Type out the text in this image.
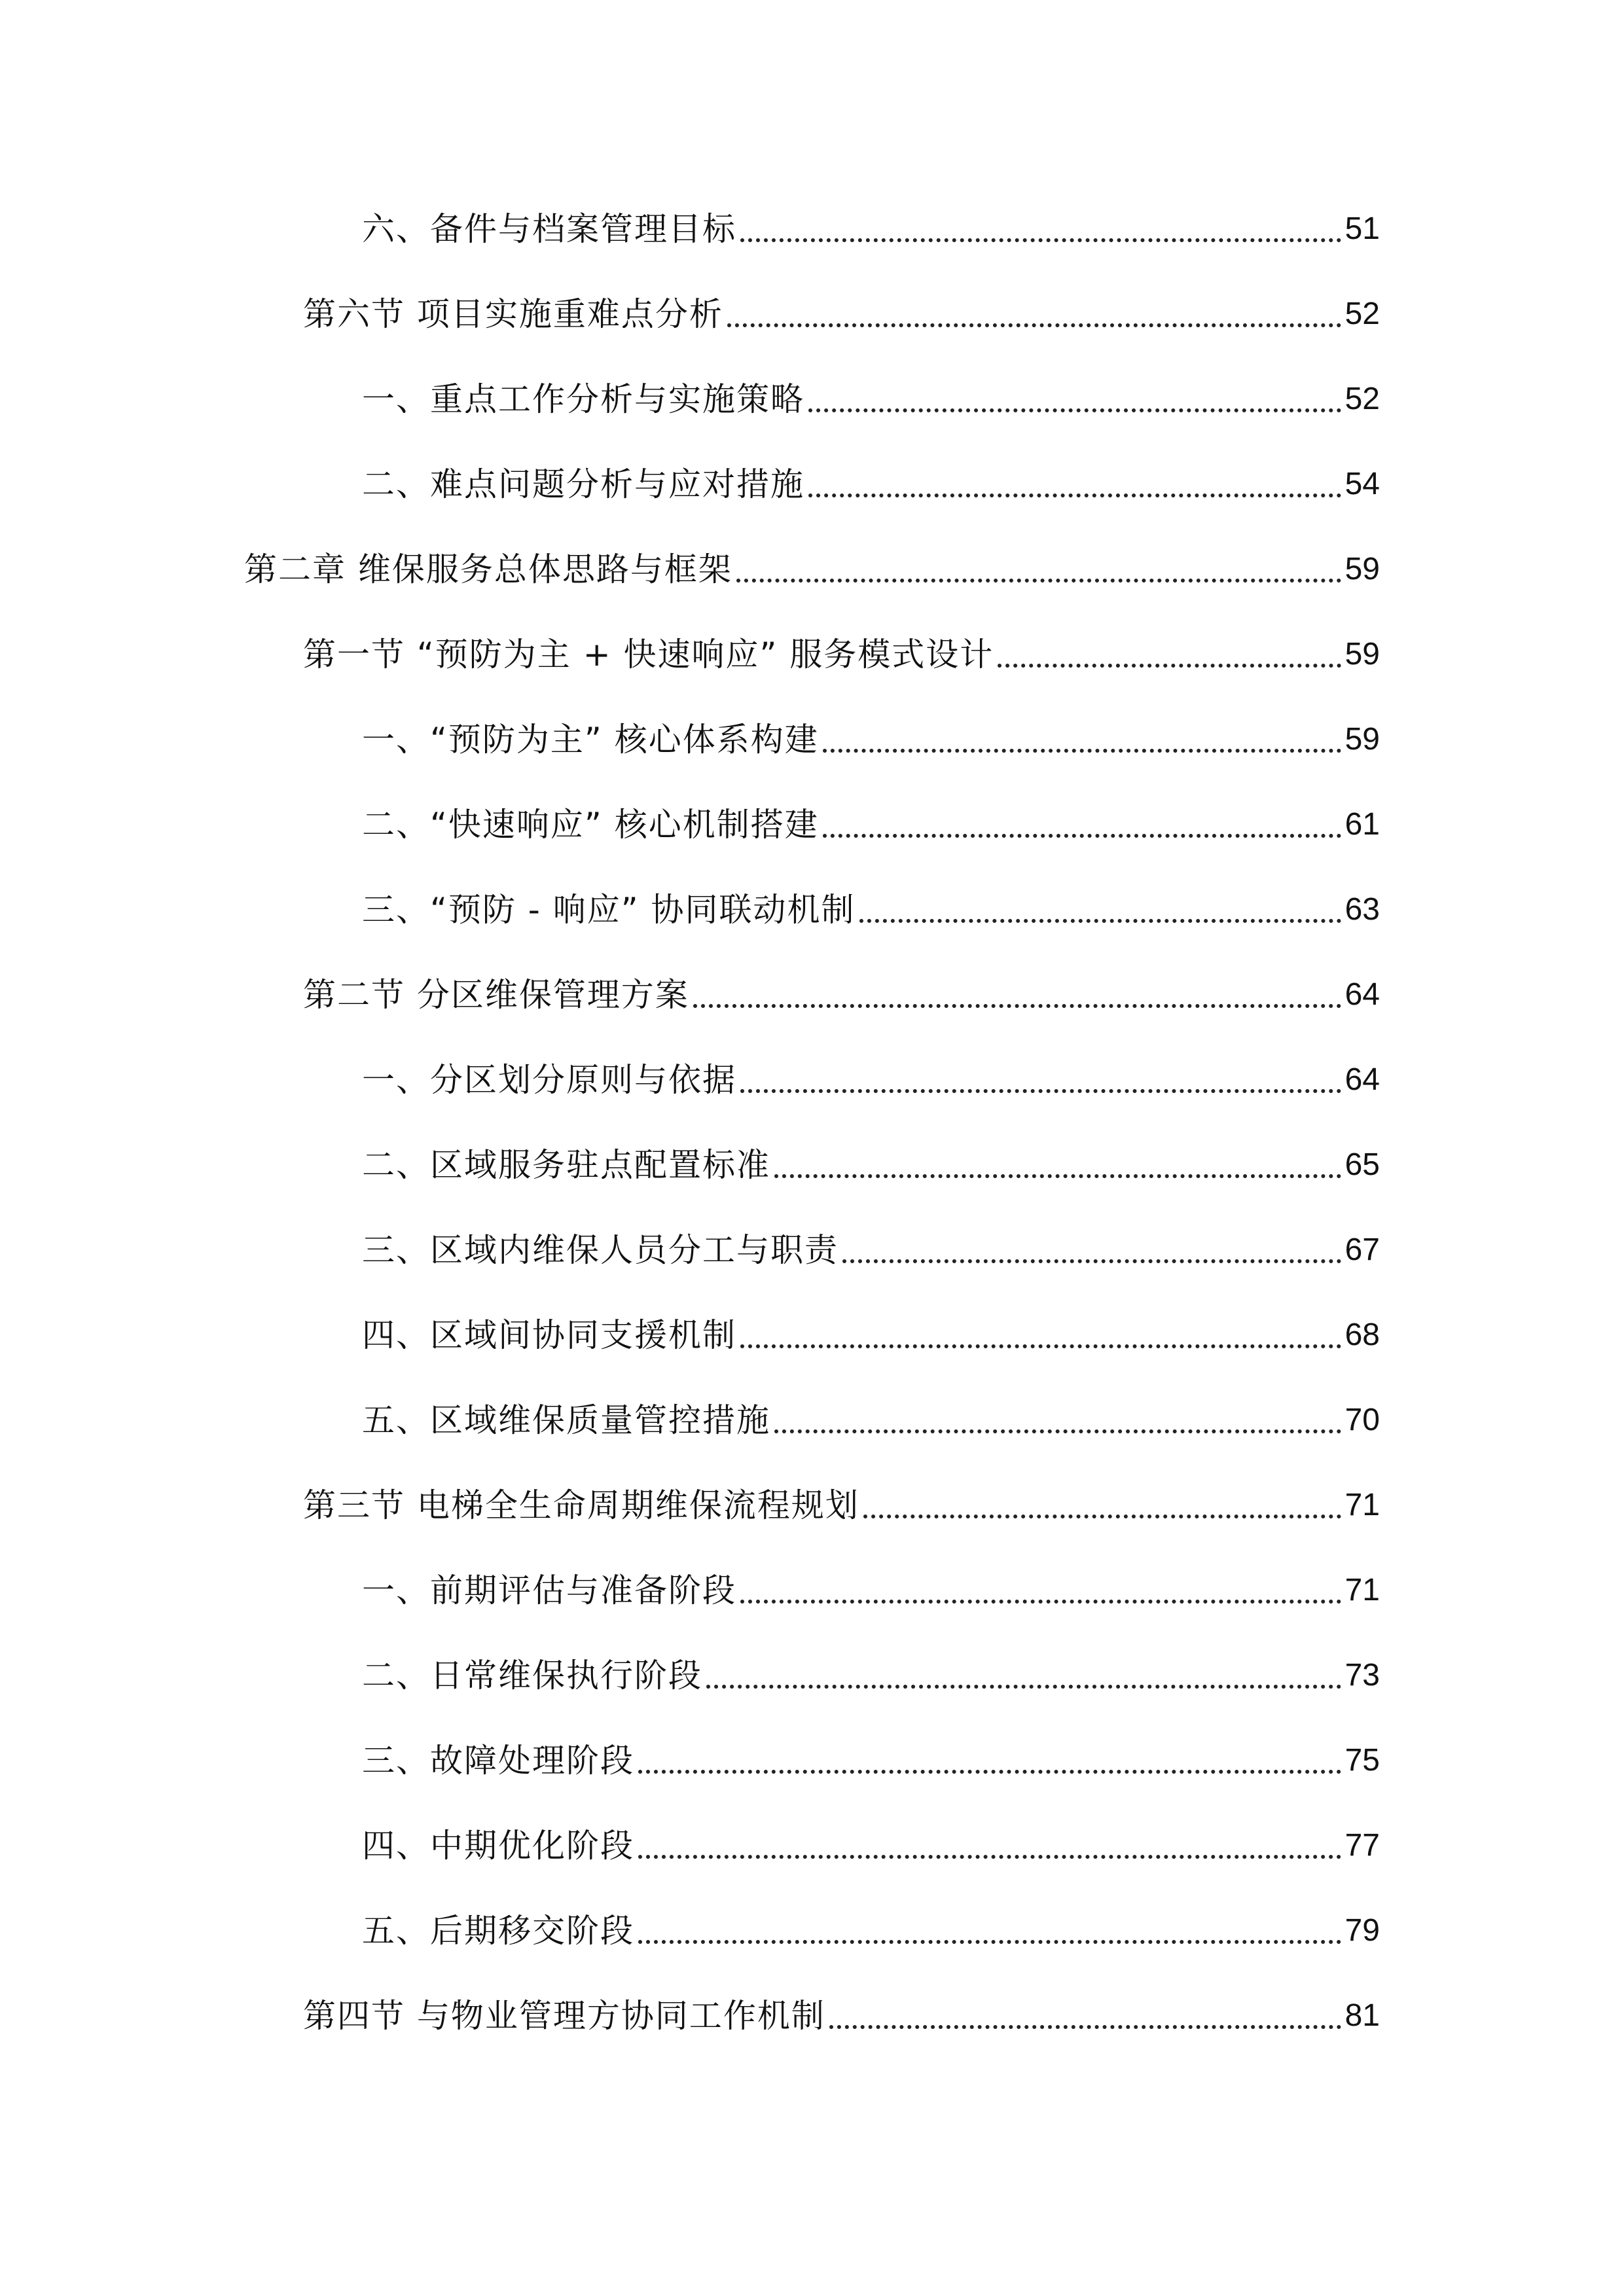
六、备件与档案管理目标	51
第六节 项目实施重难点分析	52
一、重点工作分析与实施策略	52
二、难点问题分析与应对措施	54
第二章 维保服务总体思路与框架	59
第一节 “预防为主 + 快速响应” 服务模式设计	59
一、“预防为主” 核心体系构建	59
二、“快速响应” 核心机制搭建	61
三、“预防 - 响应” 协同联动机制	63
第二节 分区维保管理方案	64
一、分区划分原则与依据	64
二、区域服务驻点配置标准	65
三、区域内维保人员分工与职责	67
四、区域间协同支援机制	68
五、区域维保质量管控措施	70
第三节 电梯全生命周期维保流程规划	71
一、前期评估与准备阶段	71
二、日常维保执行阶段	73
三、故障处理阶段	75
四、中期优化阶段	77
五、后期移交阶段	79
第四节 与物业管理方协同工作机制	81
